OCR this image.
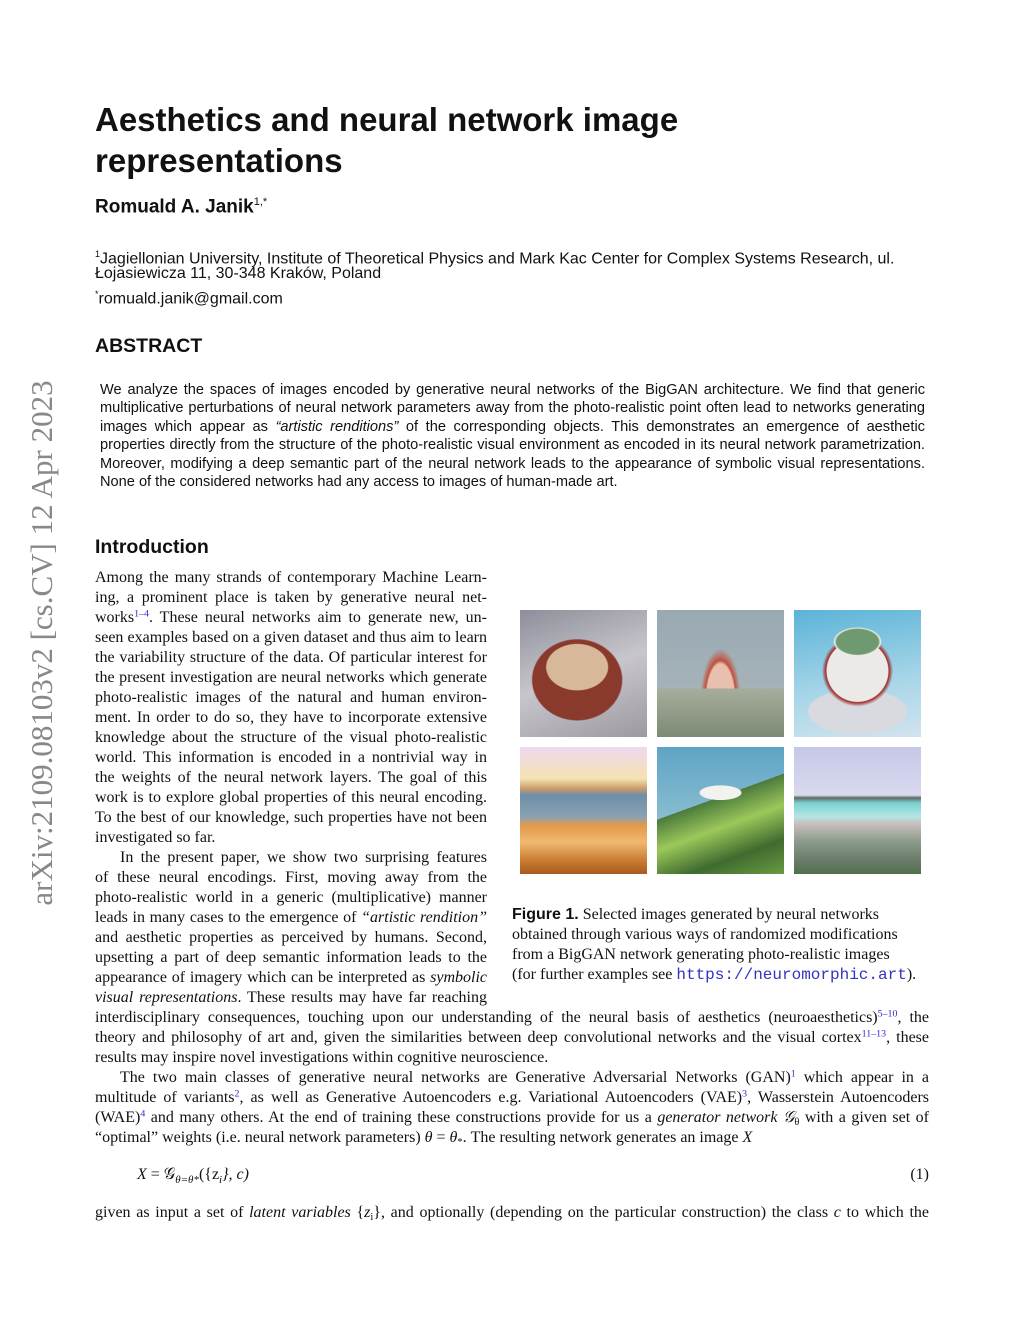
arXiv:2109.08103v2 [cs.CV] 12 Apr 2023
Aesthetics and neural network image
representations
Romuald A. Janik$^{1,*}$
$^1$Jagiellonian University, Institute of Theoretical Physics and Mark Kac Center for Complex Systems Research, ul.
Łojasiewicza 11, 30-348 Kraków, Poland
*romuald.janik@gmail.com
ABSTRACT
We analyze the spaces of images encoded by generative neural networks of the BigGAN architecture. We find that generic
multiplicative perturbations of neural network parameters away from the photo-realistic point often lead to networks generating
images which appear as “artistic renditions” of the corresponding objects. This demonstrates an emergence of aesthetic
properties directly from the structure of the photo-realistic visual environment as encoded in its neural network parametrization.
Moreover, modifying a deep semantic part of the neural network leads to the appearance of symbolic visual representations.
None of the considered networks had any access to images of human-made art.
Introduction
Among the many strands of contemporary Machine Learn-
ing, a prominent place is taken by generative neural net-
works$^{1-4}$. These neural networks aim to generate new, un-
seen examples based on a given dataset and thus aim to learn
the variability structure of the data. Of particular interest for
the present investigation are neural networks which generate
photo-realistic images of the natural and human environ-
ment. In order to do so, they have to incorporate extensive
knowledge about the structure of the visual photo-realistic
world. This information is encoded in a nontrivial way in
the weights of the neural network layers. The goal of this
work is to explore global properties of this neural encoding.
To the best of our knowledge, such properties have not been
investigated so far.
In the present paper, we show two surprising features
of these neural encodings. First, moving away from the
photo-realistic world in a generic (multiplicative) manner
leads in many cases to the emergence of “artistic rendition”
and aesthetic properties as perceived by humans. Second,
upsetting a part of deep semantic information leads to the
appearance of imagery which can be interpreted as symbolic
visual representations. These results may have far reaching
interdisciplinary consequences, touching upon our understanding of the neural basis of aesthetics (neuroaesthetics)$^{5-10}$, the
theory and philosophy of art and, given the similarities between deep convolutional networks and the visual cortex$^{11-13}$, these
results may inspire novel investigations within cognitive neuroscience.
The two main classes of generative neural networks are Generative Adversarial Networks (GAN)$^1$ which appear in a
multitude of variants$^2$, as well as Generative Autoencoders e.g. Variational Autoencoders (VAE)$^3$, Wasserstein Autoencoders
(WAE)$^4$ and many others. At the end of training these constructions provide for us a generator network 𝒢$_\theta$ with a given set of
“optimal” weights (i.e. neural network parameters) $\theta = \theta_*$. The resulting network generates an image X
$X = 𝒢_{\theta=\theta*}(\{z_i\}$, c)	(1)
given as input a set of latent variables $\{z_i\}$, and optionally (depending on the particular construction) the class c to which the
Figure 1. Selected images generated by neural networks
obtained through various ways of randomized modifications
from a BigGAN network generating photo-realistic images
(for further examples see https://neuromorphic.art).
